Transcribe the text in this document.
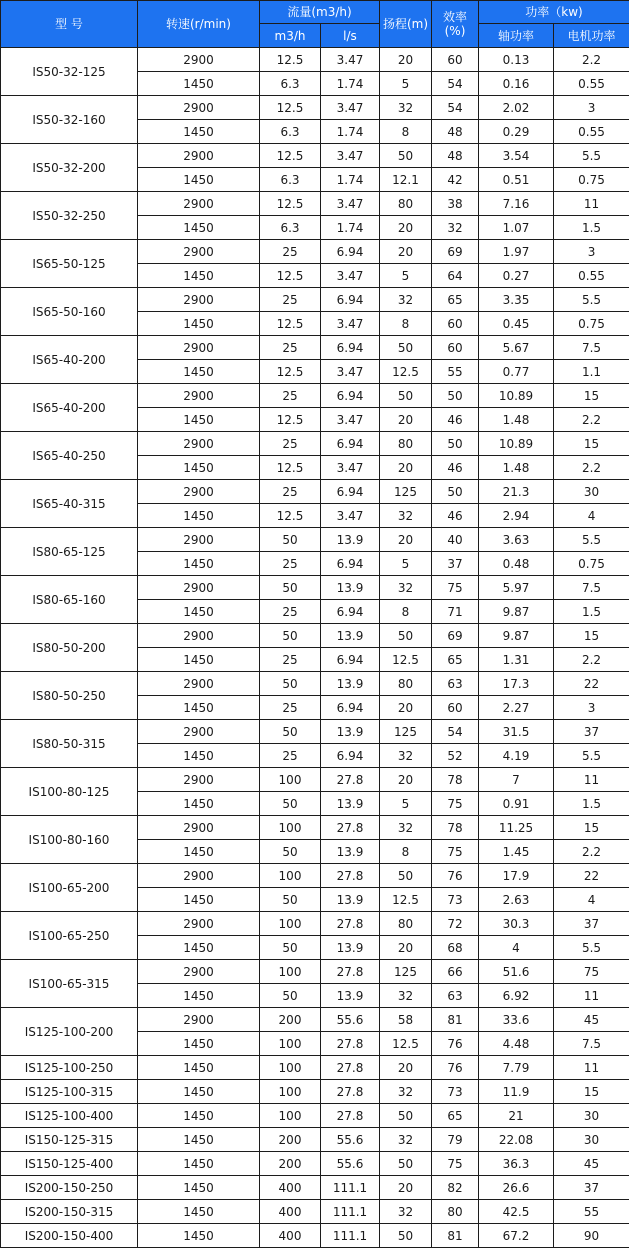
型 号	转速(r/min)	流量(m3/h)		扬程(m)	效率 (%)	功率（kw)	
		m3/h	l/s			轴功率	电机功率
IS50-32-125	2900	12.5	3.47	20	60	0.13	2.2
	1450	6.3	1.74	5	54	0.16	0.55
IS50-32-160	2900	12.5	3.47	32	54	2.02	3
	1450	6.3	1.74	8	48	0.29	0.55
IS50-32-200	2900	12.5	3.47	50	48	3.54	5.5
	1450	6.3	1.74	12.1	42	0.51	0.75
IS50-32-250	2900	12.5	3.47	80	38	7.16	11
	1450	6.3	1.74	20	32	1.07	1.5
IS65-50-125	2900	25	6.94	20	69	1.97	3
	1450	12.5	3.47	5	64	0.27	0.55
IS65-50-160	2900	25	6.94	32	65	3.35	5.5
	1450	12.5	3.47	8	60	0.45	0.75
IS65-40-200	2900	25	6.94	50	60	5.67	7.5
	1450	12.5	3.47	12.5	55	0.77	1.1
IS65-40-200	2900	25	6.94	50	50	10.89	15
	1450	12.5	3.47	20	46	1.48	2.2
IS65-40-250	2900	25	6.94	80	50	10.89	15
	1450	12.5	3.47	20	46	1.48	2.2
IS65-40-315	2900	25	6.94	125	50	21.3	30
	1450	12.5	3.47	32	46	2.94	4
IS80-65-125	2900	50	13.9	20	40	3.63	5.5
	1450	25	6.94	5	37	0.48	0.75
IS80-65-160	2900	50	13.9	32	75	5.97	7.5
	1450	25	6.94	8	71	9.87	1.5
IS80-50-200	2900	50	13.9	50	69	9.87	15
	1450	25	6.94	12.5	65	1.31	2.2
IS80-50-250	2900	50	13.9	80	63	17.3	22
	1450	25	6.94	20	60	2.27	3
IS80-50-315	2900	50	13.9	125	54	31.5	37
	1450	25	6.94	32	52	4.19	5.5
IS100-80-125	2900	100	27.8	20	78	7	11
	1450	50	13.9	5	75	0.91	1.5
IS100-80-160	2900	100	27.8	32	78	11.25	15
	1450	50	13.9	8	75	1.45	2.2
IS100-65-200	2900	100	27.8	50	76	17.9	22
	1450	50	13.9	12.5	73	2.63	4
IS100-65-250	2900	100	27.8	80	72	30.3	37
	1450	50	13.9	20	68	4	5.5
IS100-65-315	2900	100	27.8	125	66	51.6	75
	1450	50	13.9	32	63	6.92	11
IS125-100-200	2900	200	55.6	58	81	33.6	45
	1450	100	27.8	12.5	76	4.48	7.5
IS125-100-250	1450	100	27.8	20	76	7.79	11
IS125-100-315	1450	100	27.8	32	73	11.9	15
IS125-100-400	1450	100	27.8	50	65	21	30
IS150-125-315	1450	200	55.6	32	79	22.08	30
IS150-125-400	1450	200	55.6	50	75	36.3	45
IS200-150-250	1450	400	111.1	20	82	26.6	37
IS200-150-315	1450	400	111.1	32	80	42.5	55
IS200-150-400	1450	400	111.1	50	81	67.2	90
